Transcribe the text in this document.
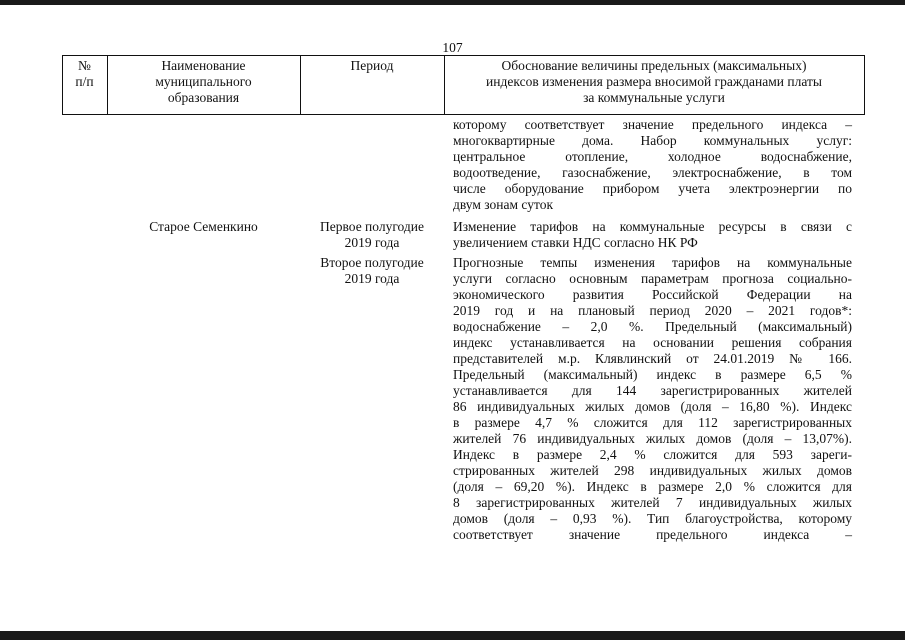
107
№
п/п
Наименование
муниципального
образования
Период	Обоснование величины предельных (максимальных)
индексов изменения размера вносимой гражданами платы
за коммунальные услуги
которому соответствует значение предельного индекса –
многоквартирные дома. Набор коммунальных услуг:
центральное отопление, холодное водоснабжение,
водоотведение, газоснабжение, электроснабжение, в том
числе оборудование прибором учета электроэнергии по
двум зонам суток
Старое Семенкино	Первое полугодие
2019 года
Второе полугодие
2019 года
Изменение тарифов на коммунальные ресурсы в связи с
увеличением ставки НДС согласно НК РФ
Прогнозные темпы изменения тарифов на коммунальные
услуги согласно основным параметрам прогноза социально-
экономического развития Российской Федерации на
2019 год и на плановый период 2020 – 2021 годов*:
водоснабжение – 2,0 %. Предельный (максимальный)
индекс устанавливается на основании решения собрания
представителей м.р. Клявлинский от 24.01.2019 № 166.
Предельный (максимальный) индекс в размере 6,5 %
устанавливается для 144 зарегистрированных жителей
86 индивидуальных жилых домов (доля – 16,80 %). Индекс
в размере 4,7 % сложится для 112 зарегистрированных
жителей 76 индивидуальных жилых домов (доля – 13,07%).
Индекс в размере 2,4 % сложится для 593 зареги-
стрированных жителей 298 индивидуальных жилых домов
(доля – 69,20 %). Индекс в размере 2,0 % сложится для
8 зарегистрированных жителей 7 индивидуальных жилых
домов (доля – 0,93 %). Тип благоустройства, которому
соответствует значение предельного индекса –
